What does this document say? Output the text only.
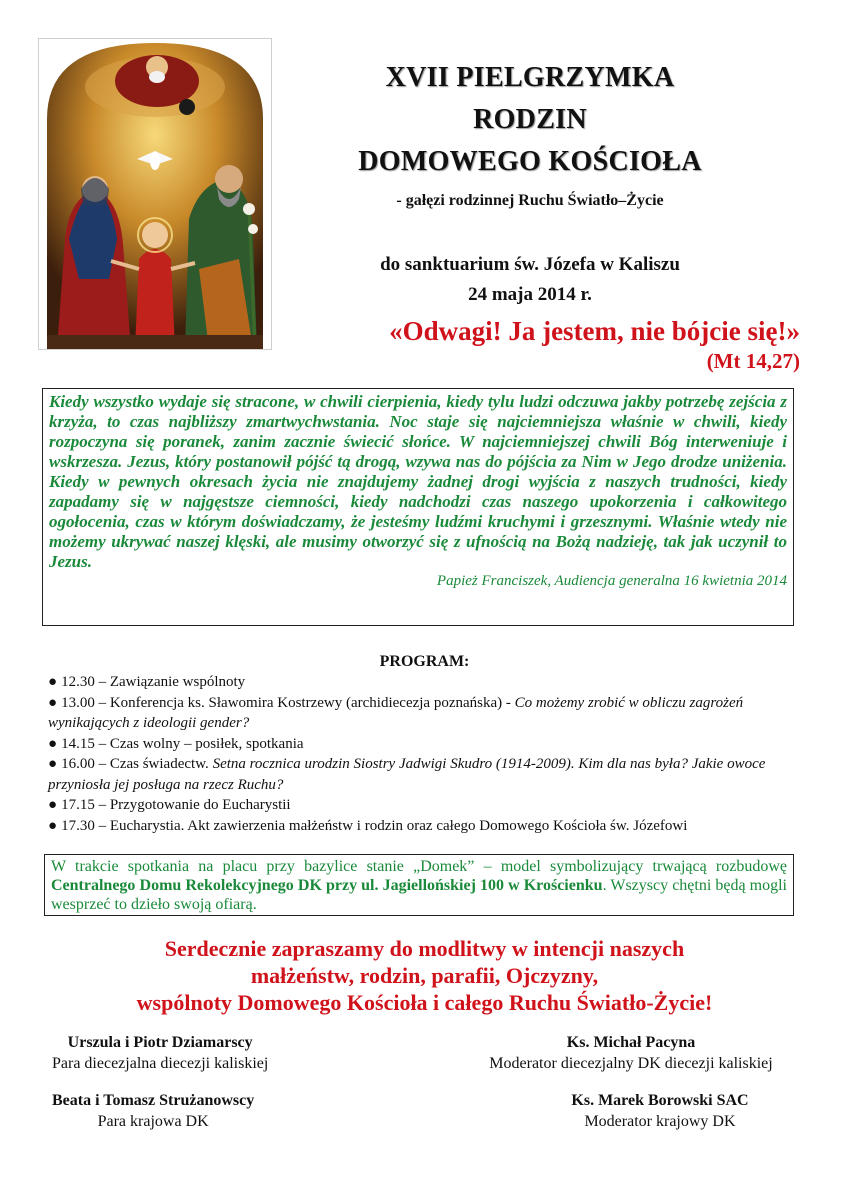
XVII PIELGRZYMKA
RODZIN
DOMOWEGO KOŚCIOŁA
- gałęzi rodzinnej Ruchu Światło–Życie
do sanktuarium św. Józefa w Kaliszu
24 maja 2014 r.
«Odwagi! Ja jestem, nie bójcie się!»
(Mt 14,27)

Kiedy wszystko wydaje się stracone, w chwili cierpienia, kiedy tylu ludzi odczuwa jakby potrzebę zejścia z krzyża, to czas najbliższy zmartwychwstania. Noc staje się najciemniejsza właśnie w chwili, kiedy rozpoczyna się poranek, zanim zacznie świecić słońce. W najciemniejszej chwili Bóg interweniuje i wskrzesza. Jezus, który postanowił pójść tą drogą, wzywa nas do pójścia za Nim w Jego drodze uniżenia. Kiedy w pewnych okresach życia nie znajdujemy żadnej drogi wyjścia z naszych trudności, kiedy zapadamy się w najgęstsze ciemności, kiedy nadchodzi czas naszego upokorzenia i całkowitego ogołocenia, czas w którym doświadczamy, że jesteśmy ludźmi kruchymi i grzesznymi. Właśnie wtedy nie możemy ukrywać naszej klęski, ale musimy otworzyć się z ufnością na Bożą nadzieję, tak jak uczynił to Jezus.

Papież Franciszek, Audiencja generalna 16 kwietnia 2014
PROGRAM:

● 12.30 – Zawiązanie wspólnoty

● 13.00 – Konferencja ks. Sławomira Kostrzewy (archidiecezja poznańska) - Co możemy zrobić w obliczu zagrożeń wynikających z ideologii gender?

● 14.15 – Czas wolny – posiłek, spotkania

● 16.00 – Czas świadectw. Setna rocznica urodzin Siostry Jadwigi Skudro (1914-2009). Kim dla nas była? Jakie owoce przyniosła jej posługa na rzecz Ruchu?

● 17.15 – Przygotowanie do Eucharystii

● 17.30 – Eucharystia. Akt zawierzenia małżeństw i rodzin oraz całego Domowego Kościoła św. Józefowi

W trakcie spotkania na placu przy bazylice stanie „Domek” – model symbolizujący trwającą rozbudowę Centralnego Domu Rekolekcyjnego DK przy ul. Jagiellońskiej 100 w Krościenku. Wszyscy chętni będą mogli wesprzeć to dzieło swoją ofiarą.
Serdecznie zapraszamy do modlitwy w intencji naszych
małżeństw, rodzin, parafii, Ojczyzny,
wspólnoty Domowego Kościoła i całego Ruchu Światło-Życie!
Urszula i Piotr Dziamarscy
Para diecezjalna diecezji kaliskiej
Ks. Michał Pacyna
Moderator diecezjalny DK diecezji kaliskiej
Beata i Tomasz Strużanowscy
Para krajowa DK
Ks. Marek Borowski SAC
Moderator krajowy DK
